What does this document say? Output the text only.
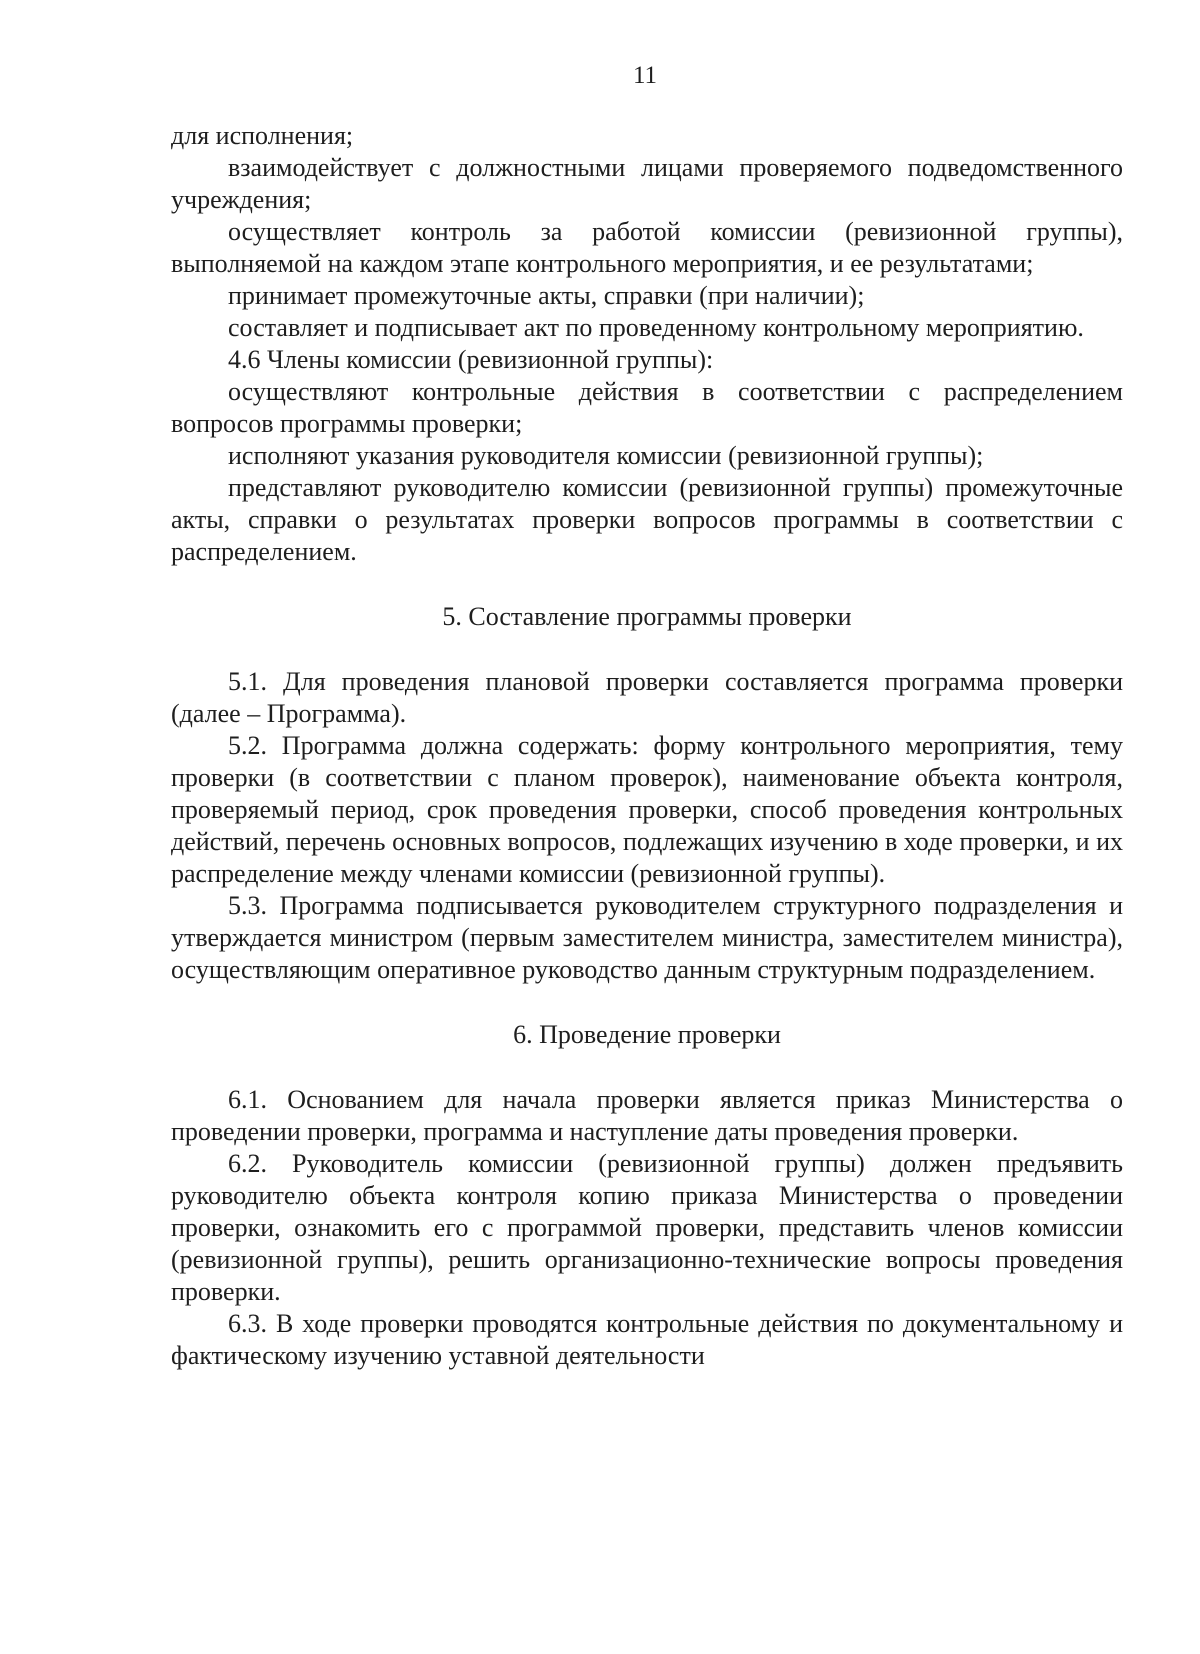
11

для исполнения;

взаимодействует с должностными лицами проверяемого подведомственного учреждения;

осуществляет контроль за работой комиссии (ревизионной группы), выполняемой на каждом этапе контрольного мероприятия, и ее результатами;

принимает промежуточные акты, справки (при наличии);

составляет и подписывает акт по проведенному контрольному мероприятию.

4.6 Члены комиссии (ревизионной группы):

осуществляют контрольные действия в соответствии с распределением вопросов программы проверки;

исполняют указания руководителя комиссии (ревизионной группы);

представляют руководителю комиссии (ревизионной группы) промежуточные акты, справки о результатах проверки вопросов программы в соответствии с распределением.

5. Составление программы проверки

5.1. Для проведения плановой проверки составляется программа проверки (далее – Программа).

5.2. Программа должна содержать: форму контрольного мероприятия, тему проверки (в соответствии с планом проверок), наименование объекта контроля, проверяемый период, срок проведения проверки, способ проведения контрольных действий, перечень основных вопросов, подлежащих изучению в ходе проверки, и их распределение между членами комиссии (ревизионной группы).

5.3. Программа подписывается руководителем структурного подразделения и утверждается министром (первым заместителем министра, заместителем министра), осуществляющим оперативное руководство данным структурным подразделением.

6. Проведение проверки

6.1. Основанием для начала проверки является приказ Министерства о проведении проверки, программа и наступление даты проведения проверки.

6.2. Руководитель комиссии (ревизионной группы) должен предъявить руководителю объекта контроля копию приказа Министерства о проведении проверки, ознакомить его с программой проверки, представить членов комиссии (ревизионной группы), решить организационно-технические вопросы проведения проверки.

6.3. В ходе проверки проводятся контрольные действия по документальному и фактическому изучению уставной деятельности
